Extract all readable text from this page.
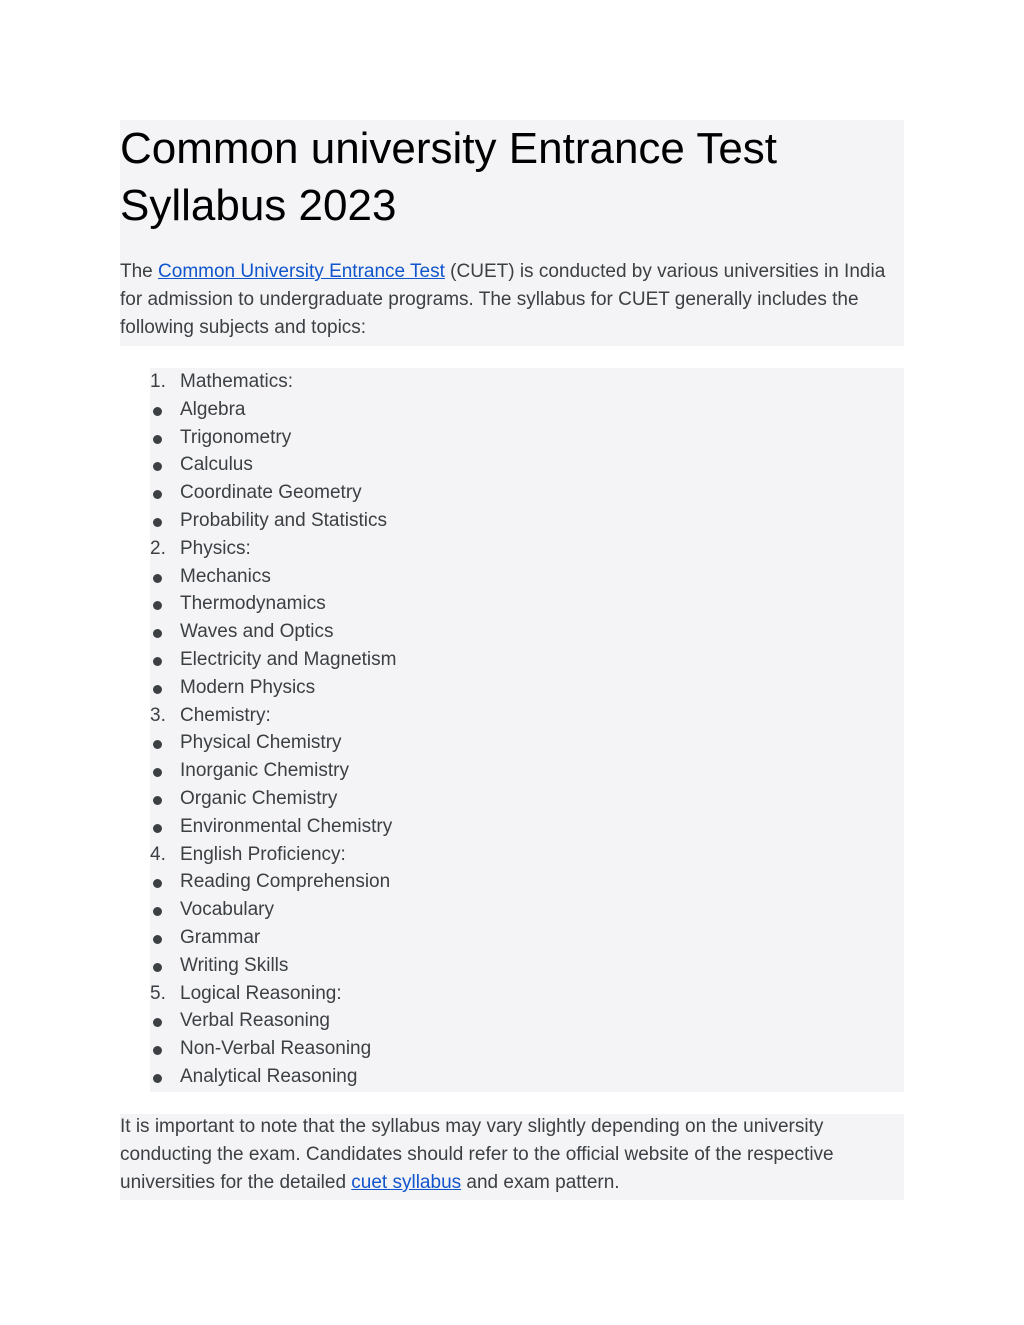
Common university Entrance Test Syllabus 2023

The Common University Entrance Test (CUET) is conducted by various universities in India for admission to undergraduate programs. The syllabus for CUET generally includes the following subjects and topics:

1. Mathematics:
Algebra
Trigonometry
Calculus
Coordinate Geometry
Probability and Statistics
2. Physics:
Mechanics
Thermodynamics
Waves and Optics
Electricity and Magnetism
Modern Physics
3. Chemistry:
Physical Chemistry
Inorganic Chemistry
Organic Chemistry
Environmental Chemistry
4. English Proficiency:
Reading Comprehension
Vocabulary
Grammar
Writing Skills
5. Logical Reasoning:
Verbal Reasoning
Non-Verbal Reasoning
Analytical Reasoning

It is important to note that the syllabus may vary slightly depending on the university conducting the exam. Candidates should refer to the official website of the respective universities for the detailed cuet syllabus and exam pattern.
